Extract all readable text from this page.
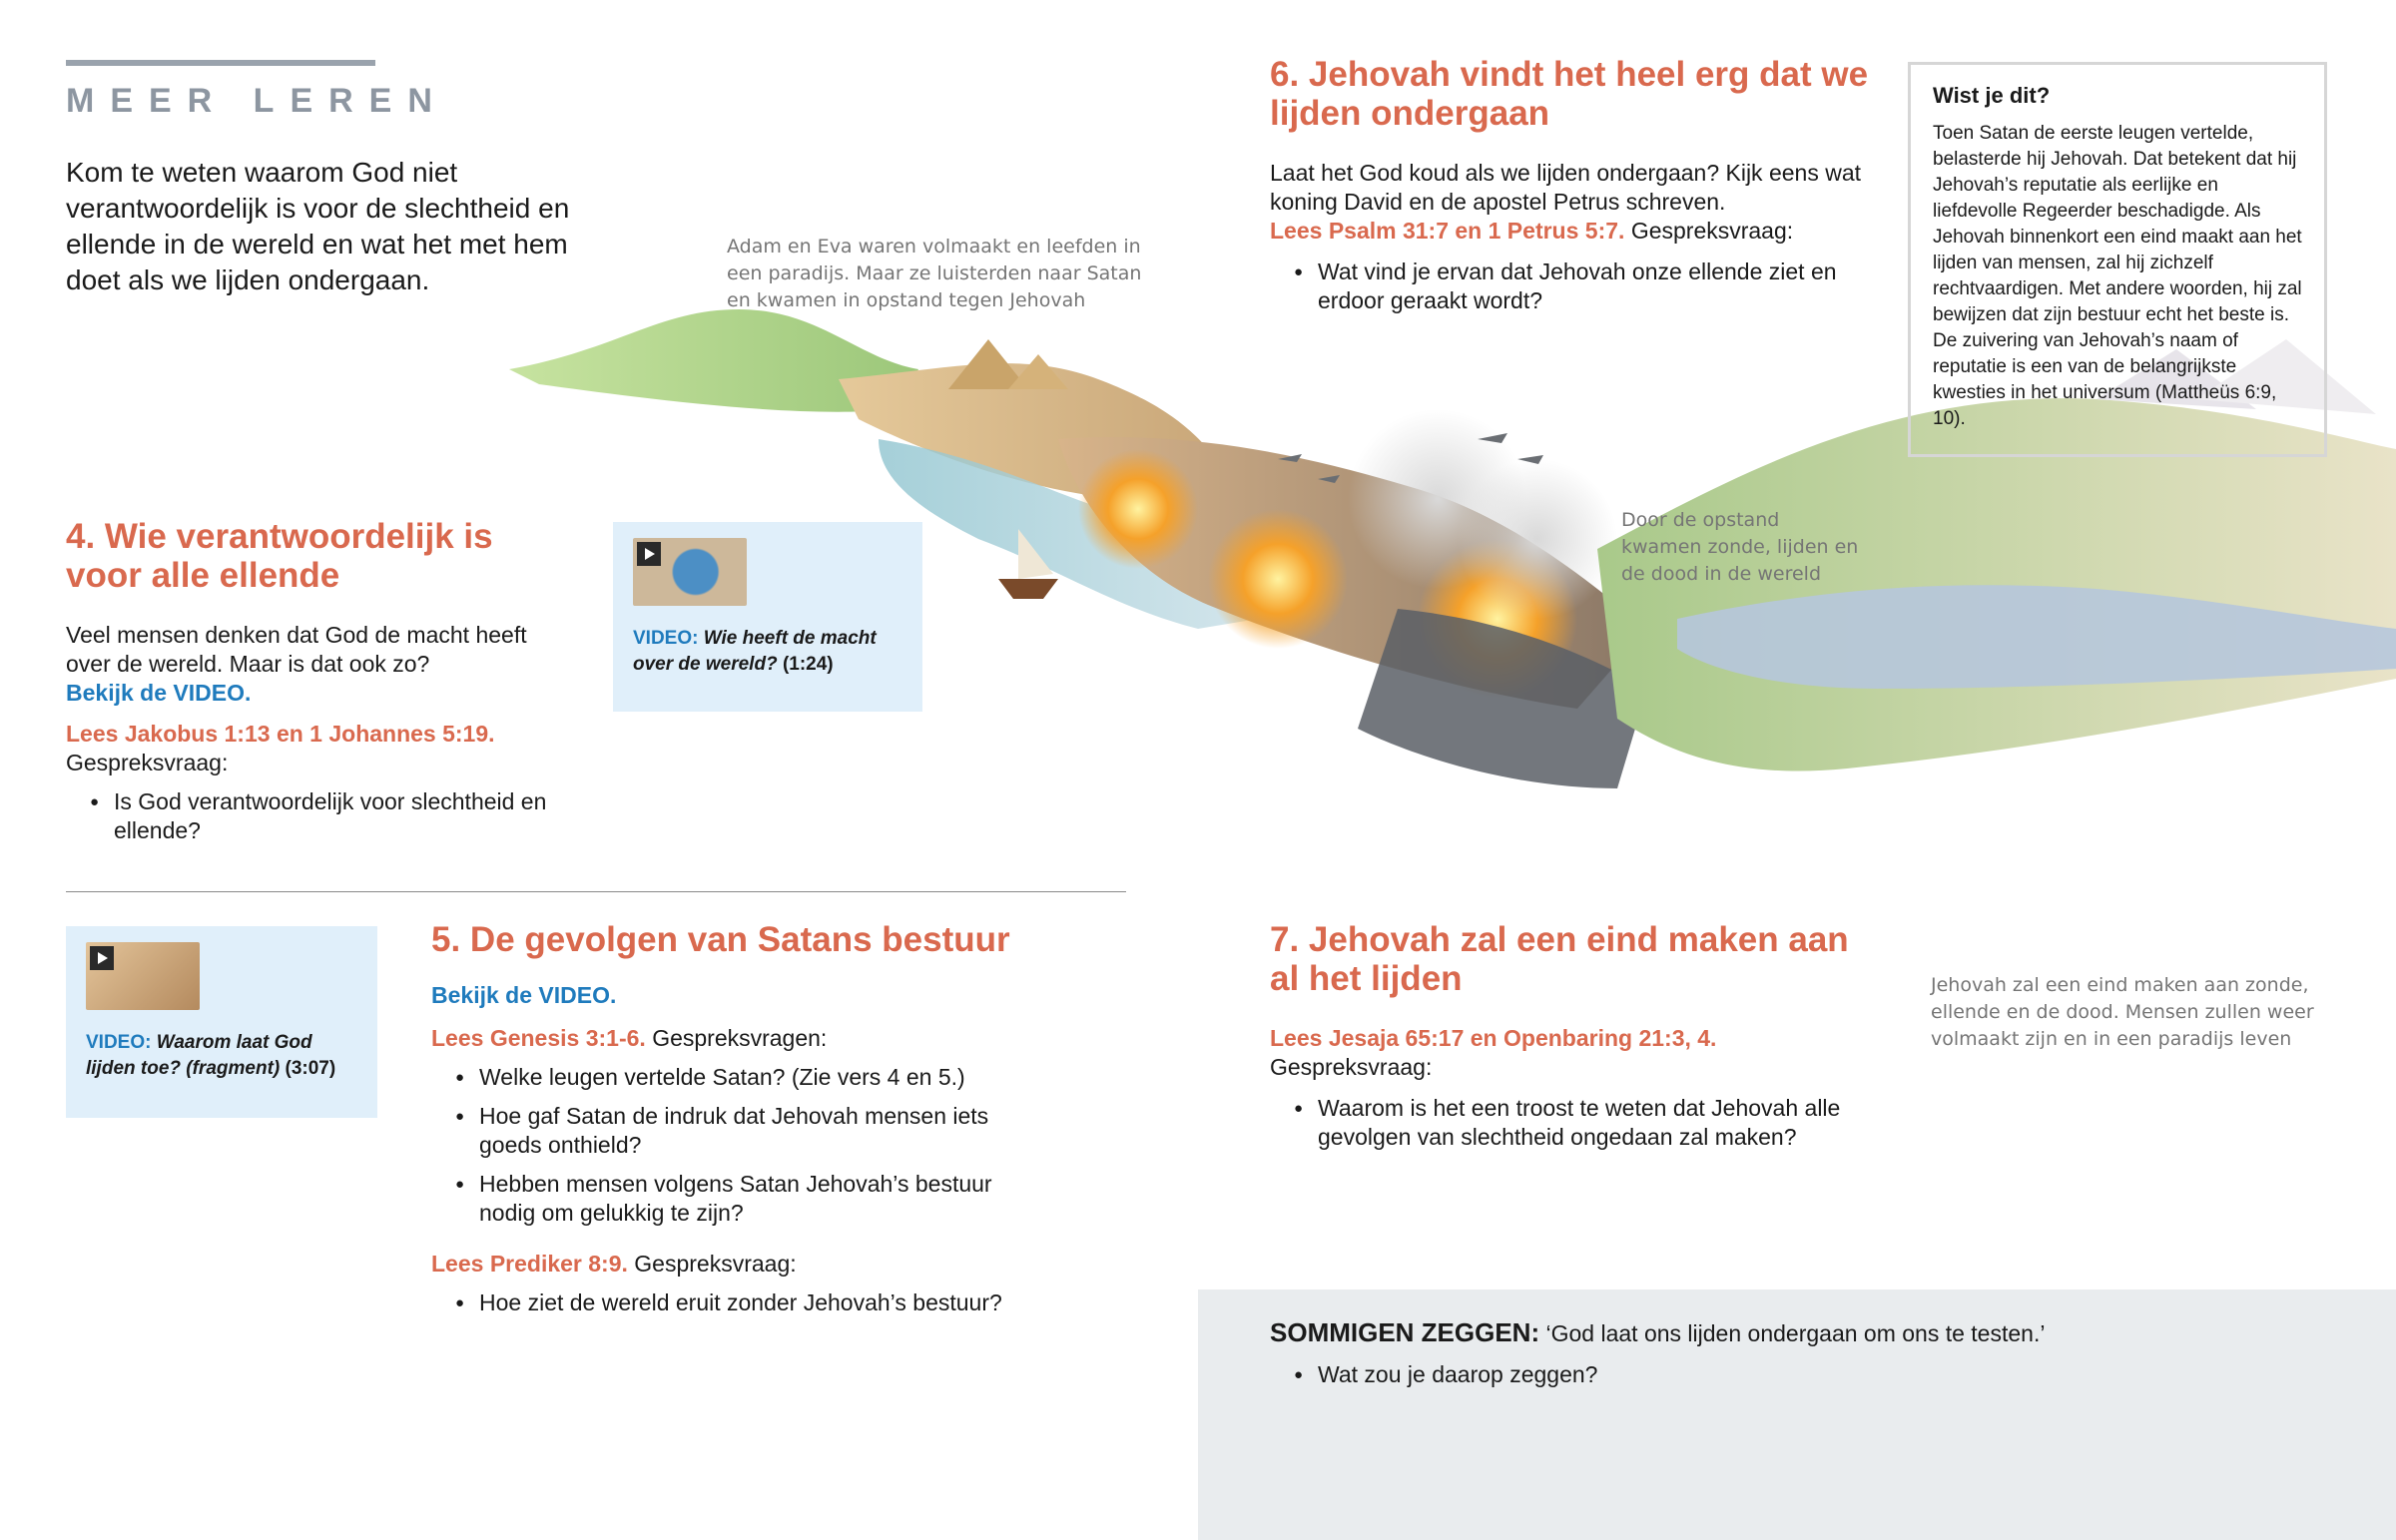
MEER LEREN
Kom te weten waarom God niet verantwoordelijk is voor de slechtheid en ellende in de wereld en wat het met hem doet als we lijden ondergaan.
Adam en Eva waren volmaakt en leefden in een paradijs. Maar ze luisterden naar Satan en kwamen in opstand tegen Jehovah
Door de opstand kwamen zonde, lijden en de dood in de wereld
Jehovah zal een eind maken aan zonde, ellende en de dood. Mensen zullen weer volmaakt zijn en in een paradijs leven
4. Wie verantwoordelijk is voor alle ellende
Veel mensen denken dat God de macht heeft over de wereld. Maar is dat ook zo?
Bekijk de VIDEO.
Lees Jakobus 1:13 en 1 Johannes 5:19.
Gespreksvraag:
● Is God verantwoordelijk voor slechtheid en ellende?
VIDEO: Wie heeft de macht over de wereld? (1:24)
VIDEO: Waarom laat God lijden toe? (fragment) (3:07)
5. De gevolgen van Satans bestuur
Bekijk de VIDEO.
Lees Genesis 3:1-6. Gespreksvragen:
● Welke leugen vertelde Satan? (Zie vers 4 en 5.)
● Hoe gaf Satan de indruk dat Jehovah mensen iets goeds onthield?
● Hebben mensen volgens Satan Jehovah’s bestuur nodig om gelukkig te zijn?
Lees Prediker 8:9. Gespreksvraag:
● Hoe ziet de wereld eruit zonder Jehovah’s bestuur?
6. Jehovah vindt het heel erg dat we lijden ondergaan
Laat het God koud als we lijden ondergaan? Kijk eens wat koning David en de apostel Petrus schreven.
Lees Psalm 31:7 en 1 Petrus 5:7. Gespreksvraag:
● Wat vind je ervan dat Jehovah onze ellende ziet en erdoor geraakt wordt?
Wist je dit?
Toen Satan de eerste leugen vertelde, belasterde hij Jehovah. Dat betekent dat hij Jehovah’s reputatie als eerlijke en liefdevolle Regeerder beschadigde. Als Jehovah binnenkort een eind maakt aan het lijden van mensen, zal hij zichzelf rechtvaardigen. Met andere woorden, hij zal bewijzen dat zijn bestuur echt het beste is. De zuivering van Jehovah’s naam of reputatie is een van de belangrijkste kwesties in het universum (Mattheüs 6:9, 10).
7. Jehovah zal een eind maken aan al het lijden
Lees Jesaja 65:17 en Openbaring 21:3, 4.
Gespreksvraag:
● Waarom is het een troost te weten dat Jehovah alle gevolgen van slechtheid ongedaan zal maken?
SOMMIGEN ZEGGEN: ‘God laat ons lijden ondergaan om ons te testen.’
● Wat zou je daarop zeggen?
